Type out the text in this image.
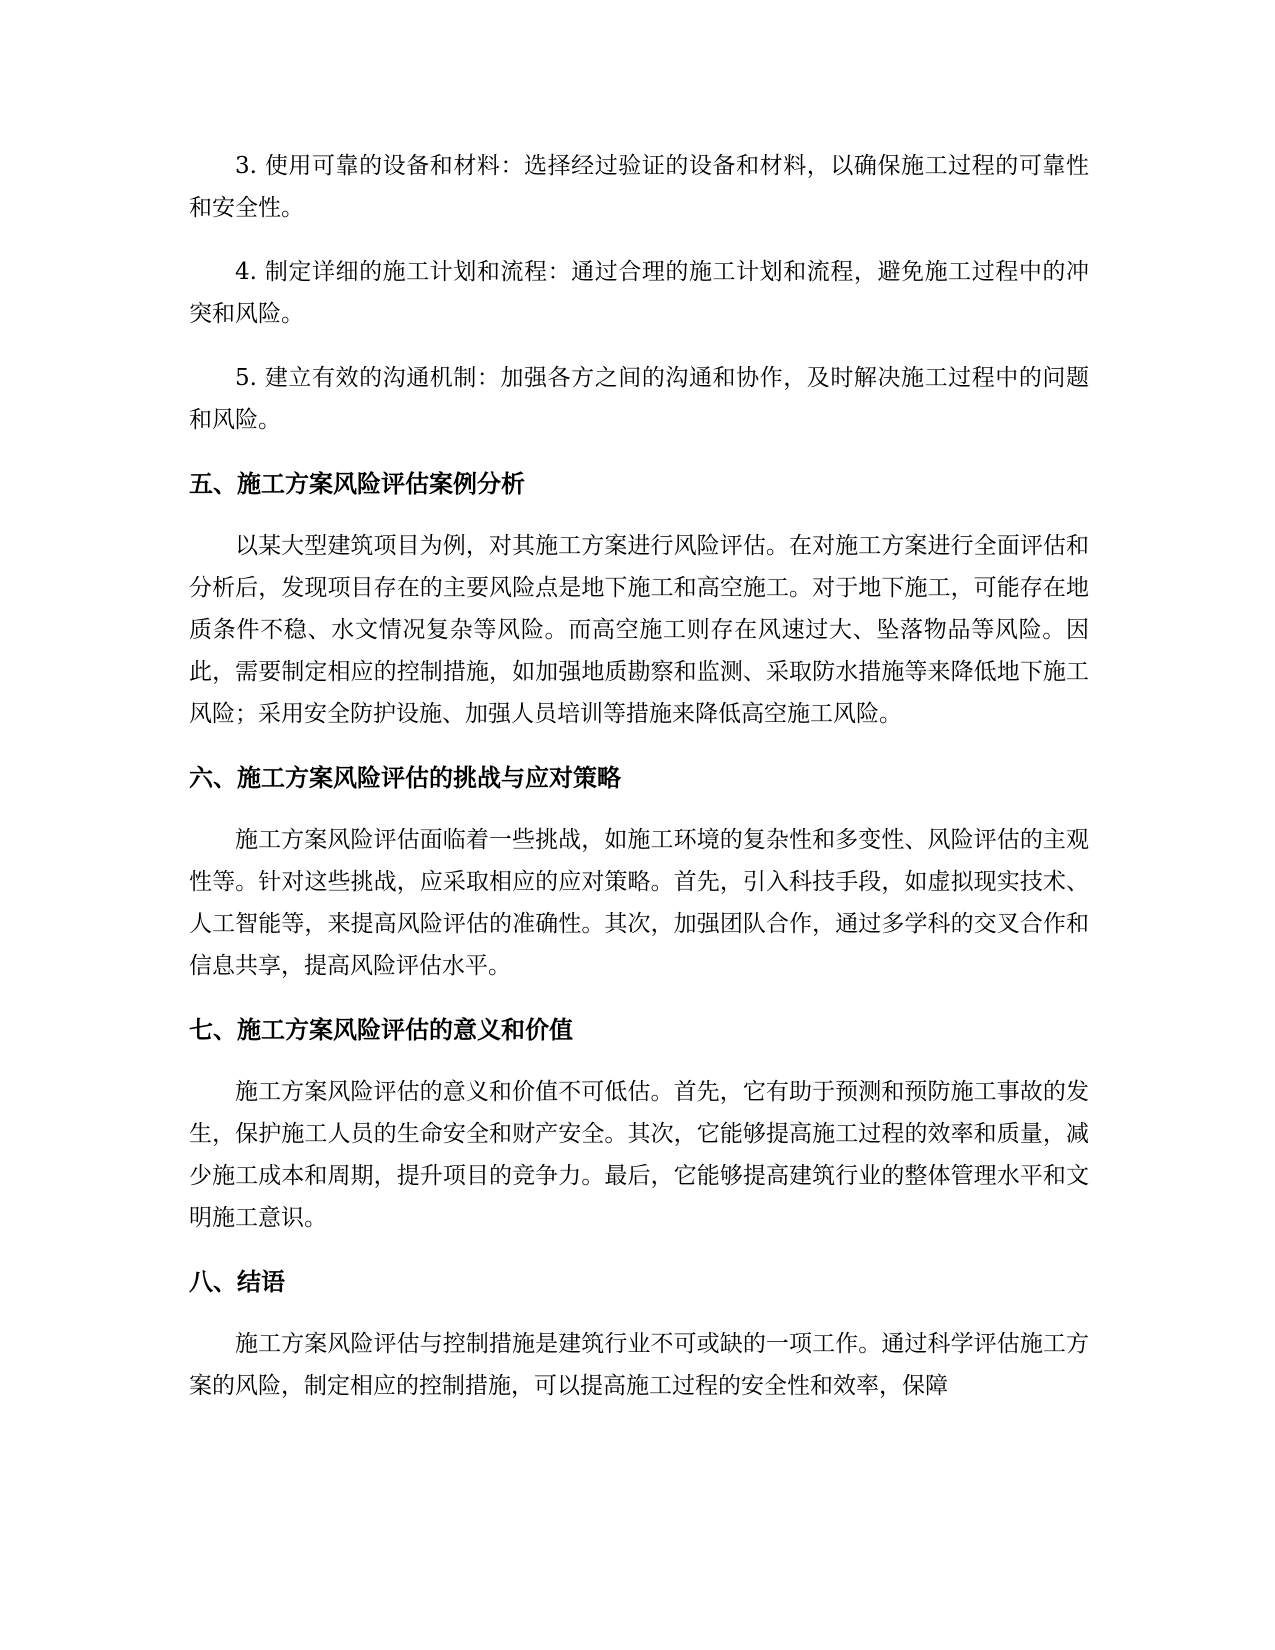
3. 使用可靠的设备和材料：选择经过验证的设备和材料，以确保施工过程的可靠性和安全性。

4. 制定详细的施工计划和流程：通过合理的施工计划和流程，避免施工过程中的冲突和风险。

5. 建立有效的沟通机制：加强各方之间的沟通和协作，及时解决施工过程中的问题和风险。

五、施工方案风险评估案例分析

以某大型建筑项目为例，对其施工方案进行风险评估。在对施工方案进行全面评估和分析后，发现项目存在的主要风险点是地下施工和高空施工。对于地下施工，可能存在地质条件不稳、水文情况复杂等风险。而高空施工则存在风速过大、坠落物品等风险。因此，需要制定相应的控制措施，如加强地质勘察和监测、采取防水措施等来降低地下施工风险；采用安全防护设施、加强人员培训等措施来降低高空施工风险。

六、施工方案风险评估的挑战与应对策略

施工方案风险评估面临着一些挑战，如施工环境的复杂性和多变性、风险评估的主观性等。针对这些挑战，应采取相应的应对策略。首先，引入科技手段，如虚拟现实技术、人工智能等，来提高风险评估的准确性。其次，加强团队合作，通过多学科的交叉合作和信息共享，提高风险评估水平。

七、施工方案风险评估的意义和价值

施工方案风险评估的意义和价值不可低估。首先，它有助于预测和预防施工事故的发生，保护施工人员的生命安全和财产安全。其次，它能够提高施工过程的效率和质量，减少施工成本和周期，提升项目的竞争力。最后，它能够提高建筑行业的整体管理水平和文明施工意识。

八、结语

施工方案风险评估与控制措施是建筑行业不可或缺的一项工作。通过科学评估施工方案的风险，制定相应的控制措施，可以提高施工过程的安全性和效率，保障
